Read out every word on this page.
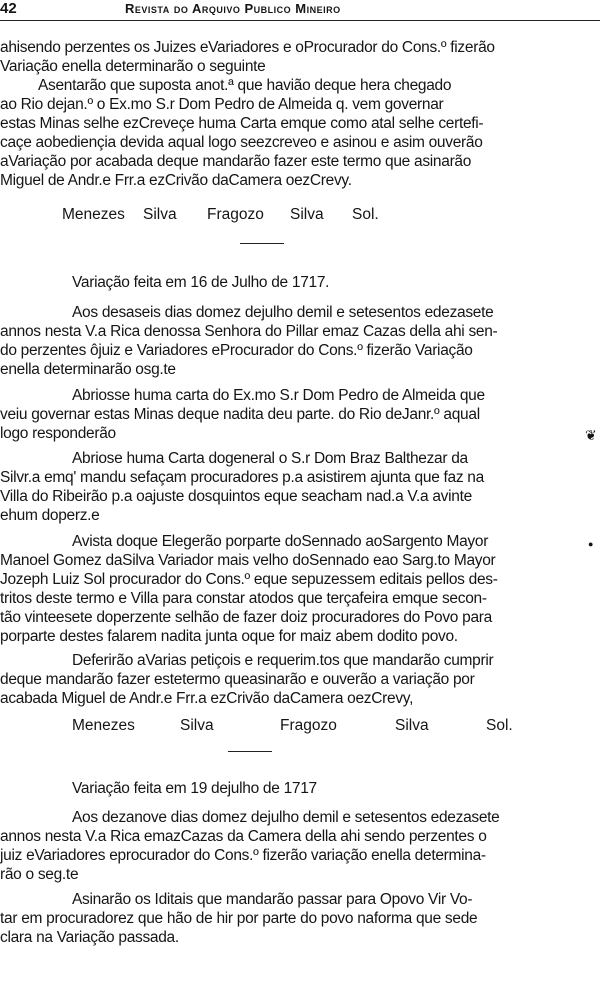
42	Revista do Arquivo Publico Mineiro
ahisendo perzentes os Juizes eVariadores e oProcurador do Cons.º fizerão
Variação enella determinarão o seguinte
Asentarão que suposta anot.ª que havião deque hera chegado
ao Rio dejan.º o Ex.mo S.r Dom Pedro de Almeida q. vem governar
estas Minas selhe ezCreveçe huma Carta emque como atal selhe certefi-
caçe aobediençia devida aqual logo seezcreveo e asinou e asim ouverão
aVariação por acabada deque mandarão fazer este termo que asinarão
Miguel de Andr.e Frr.a ezCrivão daCamera oezCrevy.
Menezes Silva Fragozo Silva Sol.
Variação feita em 16 de Julho de 1717.
Aos desaseis dias domez dejulho demil e setesentos edezasete
annos nesta V.a Rica denossa Senhora do Pillar emaz Cazas della ahi sen-
do perzentes ôjuiz e Variadores eProcurador do Cons.º fizerão Variação
enella determinarão osg.te
Abriosse huma carta do Ex.mo S.r Dom Pedro de Almeida que
veiu governar estas Minas deque nadita deu parte. do Rio deJanr.º aqual
logo responderão
Abriose huma Carta dogeneral o S.r Dom Braz Balthezar da
Silvr.a emq' mandu sefaçam procuradores p.a asistirem ajunta que faz na
Villa do Ribeirão p.a oajuste dosquintos eque seacham nad.a V.a avinte
ehum doperz.e
Avista doque Elegerão porparte doSennado aoSargento Mayor
Manoel Gomez daSilva Variador mais velho doSennado eao Sarg.to Mayor
Jozeph Luiz Sol procurador do Cons.º eque sepuzessem editais pellos des-
tritos deste termo e Villa para constar atodos que terçafeira emque secon-
tão vinteesete doperzente selhão de fazer doiz procuradores do Povo para
porparte destes falarem nadita junta oque for maiz abem dodito povo.
Deferirão aVarias petiçois e requerim.tos que mandarão cumprir
deque mandarão fazer estetermo queasinarão e ouverão a variação por
acabada Miguel de Andr.e Frr.a ezCrivão daCamera oezCrevy,
Menezes	Silva	Fragozo	Silva	Sol.
Variação feita em 19 dejulho de 1717
Aos dezanove dias domez dejulho demil e setesentos edezasete
annos nesta V.a Rica emazCazas da Camera della ahi sendo perzentes o
juiz eVariadores eprocurador do Cons.º fizerão variação enella determina-
rão o seg.te
Asinarão os Iditais que mandarão passar para Opovo Vir Vo-
tar em procuradorez que hão de hir por parte do povo naforma que sede
clara na Variação passada.
❦
●
